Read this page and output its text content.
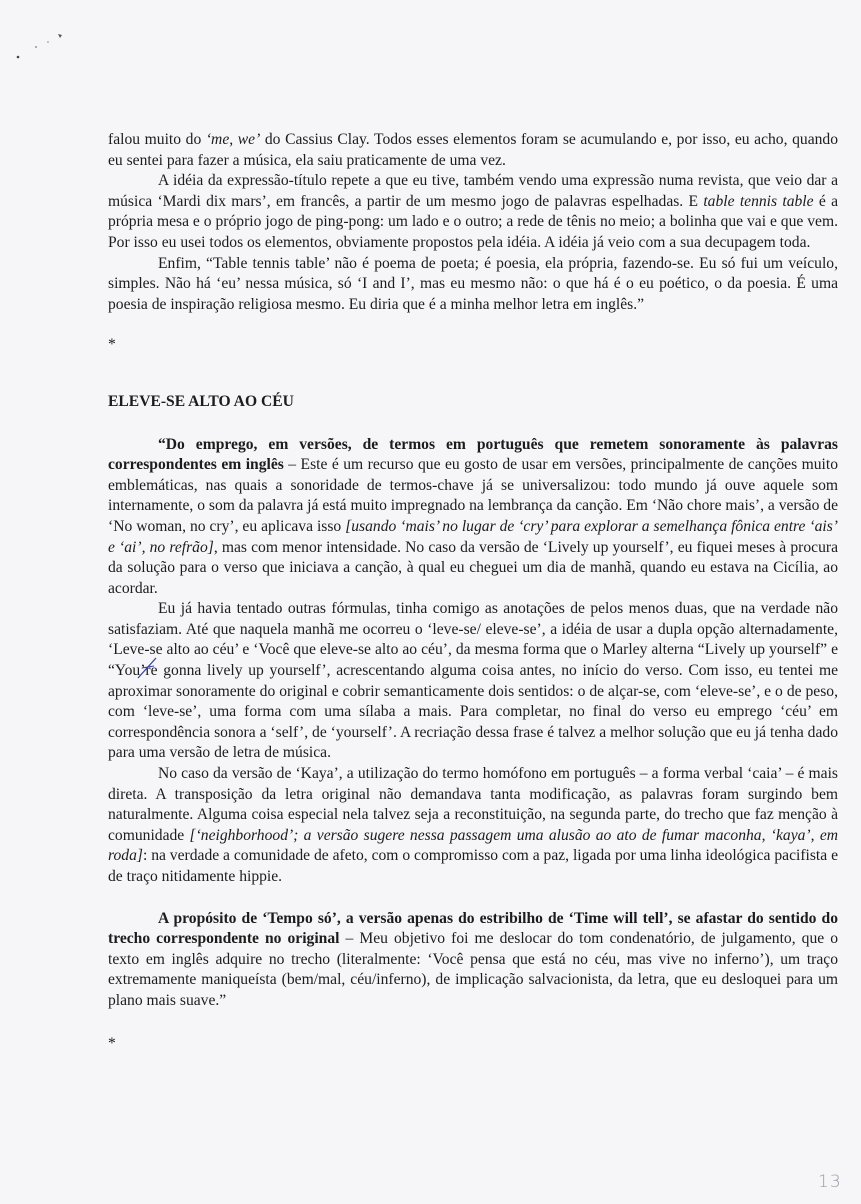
falou muito do ‘me, we’ do Cassius Clay. Todos esses elementos foram se acumulando e, por isso, eu acho, quando eu sentei para fazer a música, ela saiu praticamente de uma vez.

A idéia da expressão-título repete a que eu tive, também vendo uma expressão numa revista, que veio dar a música ‘Mardi dix mars’, em francês, a partir de um mesmo jogo de palavras espelhadas. E table tennis table é a própria mesa e o próprio jogo de ping-pong: um lado e o outro; a rede de tênis no meio; a bolinha que vai e que vem. Por isso eu usei todos os elementos, obviamente propostos pela idéia. A idéia já veio com a sua decupagem toda.

Enfim, “Table tennis table’ não é poema de poeta; é poesia, ela própria, fazendo-se. Eu só fui um veículo, simples. Não há ‘eu’ nessa música, só ‘I and I’, mas eu mesmo não: o que há é o eu poético, o da poesia. É uma poesia de inspiração religiosa mesmo. Eu diria que é a minha melhor letra em inglês.”

*

ELEVE-SE ALTO AO CÉU

“Do emprego, em versões, de termos em português que remetem sonoramente às palavras correspondentes em inglês – Este é um recurso que eu gosto de usar em versões, principalmente de canções muito emblemáticas, nas quais a sonoridade de termos-chave já se universalizou: todo mundo já ouve aquele som internamente, o som da palavra já está muito impregnado na lembrança da canção. Em ‘Não chore mais’, a versão de ‘No woman, no cry’, eu aplicava isso [usando ‘mais’ no lugar de ‘cry’ para explorar a semelhança fônica entre ‘ais’ e ‘ai’, no refrão], mas com menor intensidade. No caso da versão de ‘Lively up yourself’, eu fiquei meses à procura da solução para o verso que iniciava a canção, à qual eu cheguei um dia de manhã, quando eu estava na Cicília, ao acordar.

Eu já havia tentado outras fórmulas, tinha comigo as anotações de pelos menos duas, que na verdade não satisfaziam. Até que naquela manhã me ocorreu o ‘leve-se/ eleve-se’, a idéia de usar a dupla opção alternadamente, ‘Leve-se alto ao céu’ e ‘Você que eleve-se alto ao céu’, da mesma forma que o Marley alterna “Lively up yourself” e “You’re
gonna lively up yourself’, acrescentando alguma coisa antes, no início do verso. Com isso, eu tentei me aproximar sonoramente do original e cobrir semanticamente dois sentidos: o de alçar-se, com ‘eleve-se’, e o de peso, com ‘leve-se’, uma forma com uma sílaba a mais. Para completar, no final do verso eu emprego ‘céu’ em correspondência sonora a ‘self’, de ‘yourself’. A recriação dessa frase é talvez a melhor solução que eu já tenha dado para uma versão de letra de música.

No caso da versão de ‘Kaya’, a utilização do termo homófono em português – a forma verbal ‘caia’ – é mais direta. A transposição da letra original não demandava tanta modificação, as palavras foram surgindo bem naturalmente. Alguma coisa especial nela talvez seja a reconstituição, na segunda parte, do trecho que faz menção à comunidade [‘neighborhood’; a versão sugere nessa passagem uma alusão ao ato de fumar maconha, ‘kaya’, em roda]: na verdade a comunidade de afeto, com o compromisso com a paz, ligada por uma linha ideológica pacifista e de traço nitidamente hippie.

A propósito de ‘Tempo só’, a versão apenas do estribilho de ‘Time will tell’, se afastar do sentido do trecho correspondente no original – Meu objetivo foi me deslocar do tom condenatório, de julgamento, que o texto em inglês adquire no trecho (literalmente: ‘Você pensa que está no céu, mas vive no inferno’), um traço extremamente maniqueísta (bem/mal, céu/inferno), de implicação salvacionista, da letra, que eu desloquei para um plano mais suave.”

*

13
